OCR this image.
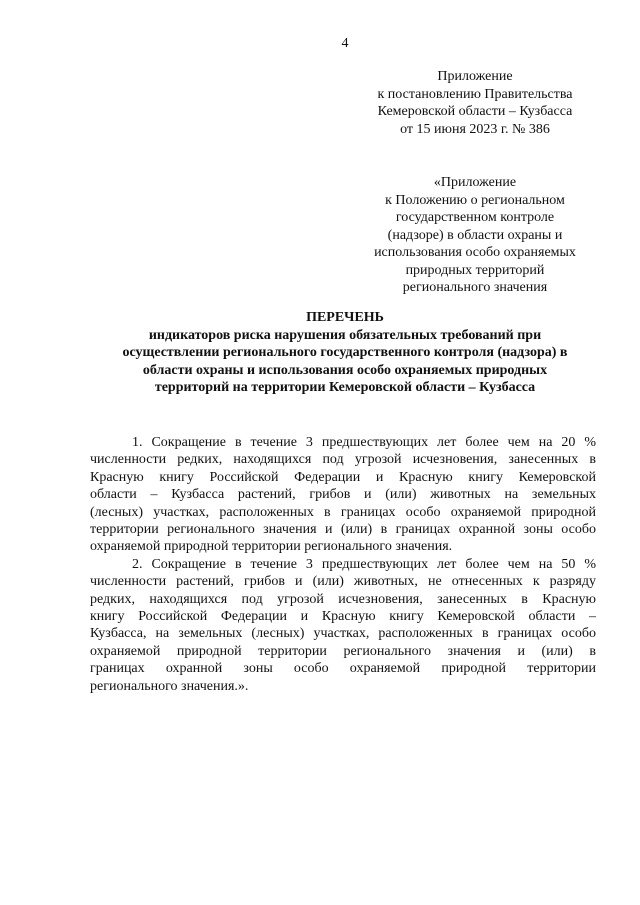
4
Приложение
к постановлению Правительства
Кемеровской области – Кузбасса
от 15 июня 2023 г. № 386
«Приложение
к Положению о региональном
государственном контроле
(надзоре) в области охраны и
использования особо охраняемых
природных территорий
регионального значения
ПЕРЕЧЕНЬ
индикаторов риска нарушения обязательных требований при
осуществлении регионального государственного контроля (надзора) в
области охраны и использования особо охраняемых природных
территорий на территории Кемеровской области – Кузбасса
1. Сокращение в течение 3 предшествующих лет более чем на 20 %
численности редких, находящихся под угрозой исчезновения, занесенных в
Красную книгу Российской Федерации и Красную книгу Кемеровской
области – Кузбасса растений, грибов и (или) животных на земельных
(лесных) участках, расположенных в границах особо охраняемой природной
территории регионального значения и (или) в границах охранной зоны особо
охраняемой природной территории регионального значения.
2. Сокращение в течение 3 предшествующих лет более чем на 50 %
численности растений, грибов и (или) животных, не отнесенных к разряду
редких, находящихся под угрозой исчезновения, занесенных в Красную
книгу Российской Федерации и Красную книгу Кемеровской области –
Кузбасса, на земельных (лесных) участках, расположенных в границах особо
охраняемой природной территории регионального значения и (или) в
границах охранной зоны особо охраняемой природной территории
регионального значения.».
